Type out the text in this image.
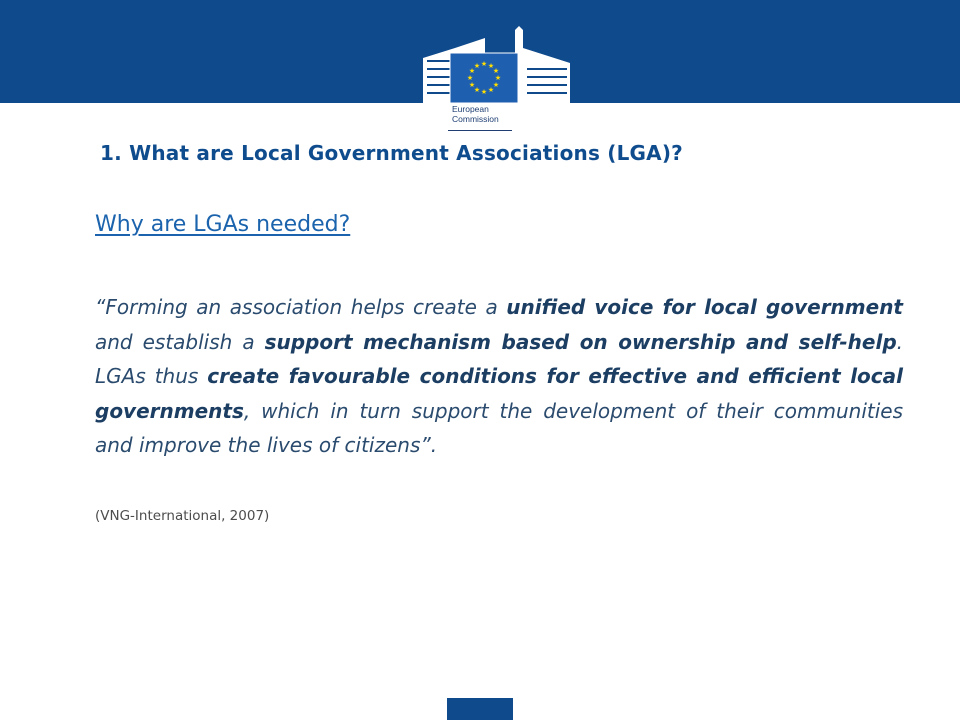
★ ★
★
★
★
★
★
★
★
★
★
★
European
Commission
1. What are Local Government Associations (LGA)?
Why are LGAs needed?

“Forming an association helps create a unified voice for local government and establish a support mechanism based on ownership and self-help. LGAs thus create favourable conditions for effective and efficient local governments, which in turn support the development of their communities and improve the lives of citizens”.

(VNG-International, 2007)
